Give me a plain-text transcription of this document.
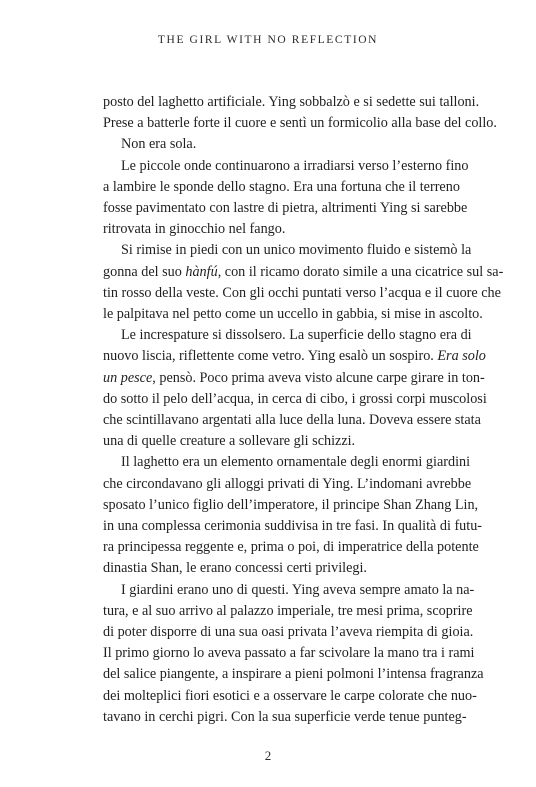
THE GIRL WITH NO REFLECTION
posto del laghetto artificiale. Ying sobbalzò e si sedette sui talloni.
Prese a batterle forte il cuore e sentì un formicolio alla base del collo.
Non era sola.
Le piccole onde continuarono a irradiarsi verso l’esterno fino
a lambire le sponde dello stagno. Era una fortuna che il terreno
fosse pavimentato con lastre di pietra, altrimenti Ying si sarebbe
ritrovata in ginocchio nel fango.
Si rimise in piedi con un unico movimento fluido e sistemò la
gonna del suo hànfú, con il ricamo dorato simile a una cicatrice sul sa-
tin rosso della veste. Con gli occhi puntati verso l’acqua e il cuore che
le palpitava nel petto come un uccello in gabbia, si mise in ascolto.
Le increspature si dissolsero. La superficie dello stagno era di
nuovo liscia, riflettente come vetro. Ying esalò un sospiro. Era solo
un pesce, pensò. Poco prima aveva visto alcune carpe girare in ton-
do sotto il pelo dell’acqua, in cerca di cibo, i grossi corpi muscolosi
che scintillavano argentati alla luce della luna. Doveva essere stata
una di quelle creature a sollevare gli schizzi.
Il laghetto era un elemento ornamentale degli enormi giardini
che circondavano gli alloggi privati di Ying. L’indomani avrebbe
sposato l’unico figlio dell’imperatore, il principe Shan Zhang Lin,
in una complessa cerimonia suddivisa in tre fasi. In qualità di futu-
ra principessa reggente e, prima o poi, di imperatrice della potente
dinastia Shan, le erano concessi certi privilegi.
I giardini erano uno di questi. Ying aveva sempre amato la na-
tura, e al suo arrivo al palazzo imperiale, tre mesi prima, scoprire
di poter disporre di una sua oasi privata l’aveva riempita di gioia.
Il primo giorno lo aveva passato a far scivolare la mano tra i rami
del salice piangente, a inspirare a pieni polmoni l’intensa fragranza
dei molteplici fiori esotici e a osservare le carpe colorate che nuo-
tavano in cerchi pigri. Con la sua superficie verde tenue punteg-
2
